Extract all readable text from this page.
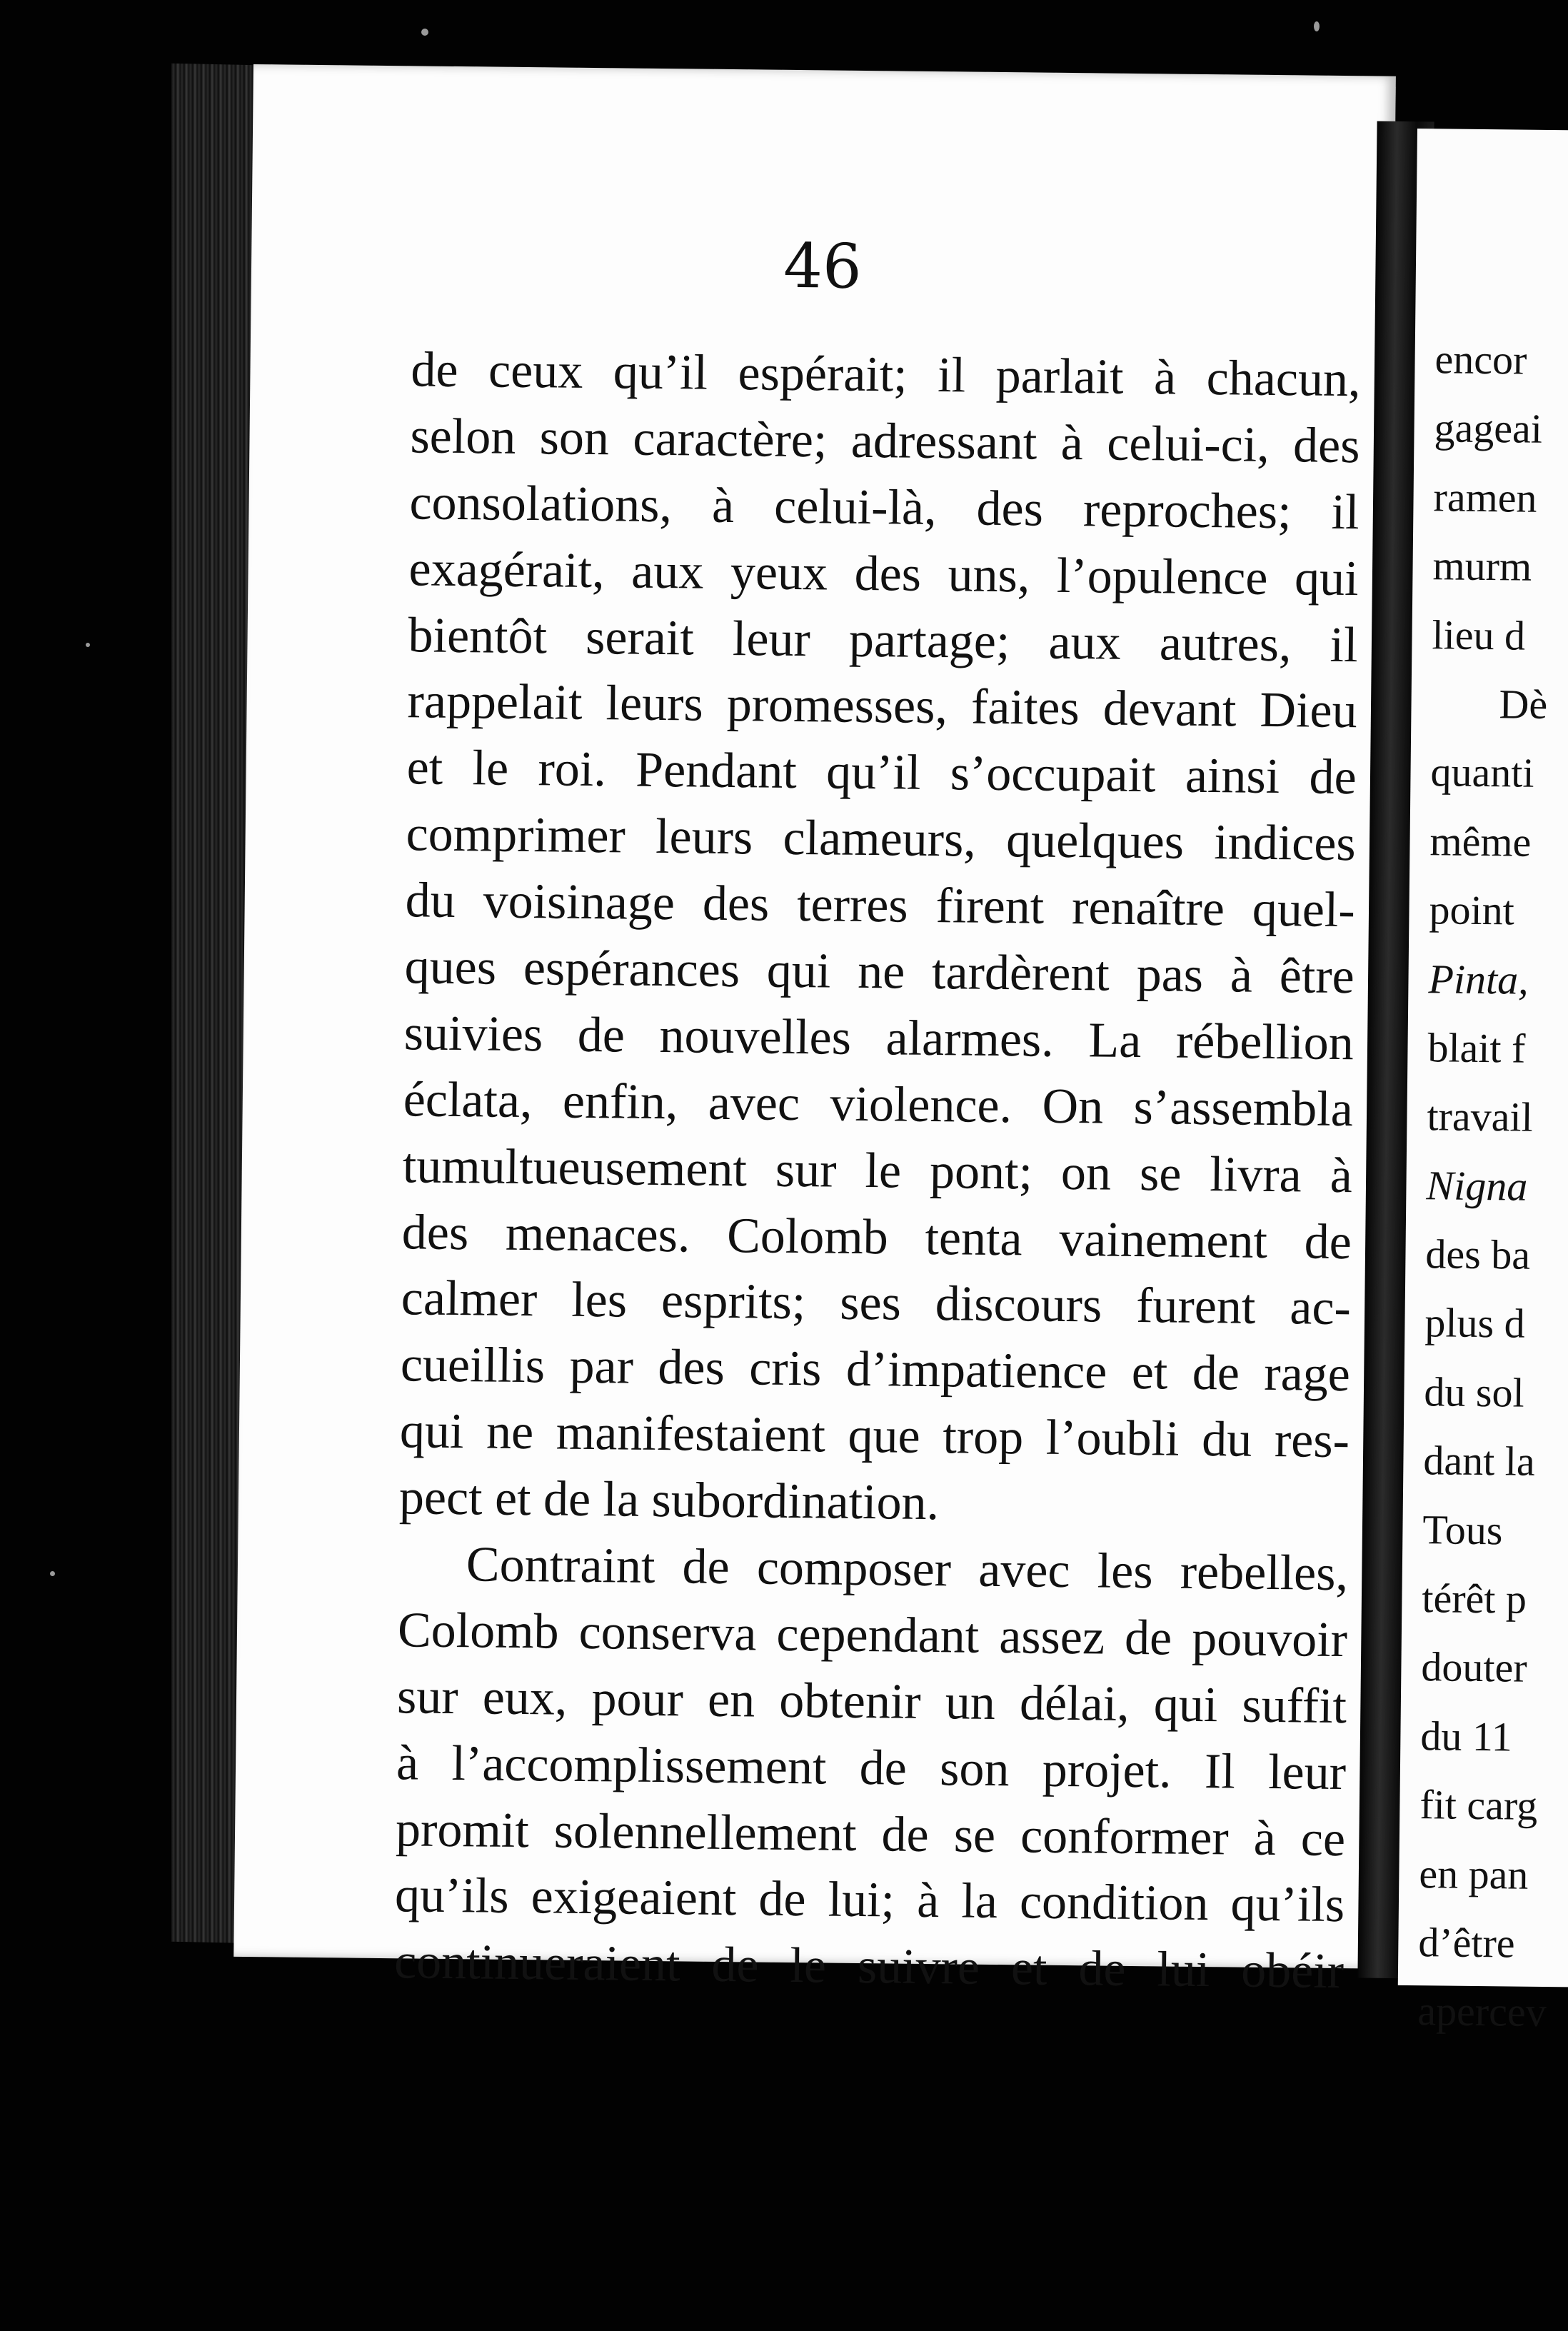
46
de ceux qu’il espérait; il parlait à chacun,
selon son caractère; adressant à celui-ci, des
consolations, à celui-là, des reproches; il
exagérait, aux yeux des uns, l’opulence qui
bientôt serait leur partage; aux autres, il
rappelait leurs promesses, faites devant Dieu
et le roi. Pendant qu’il s’occupait ainsi de
comprimer leurs clameurs, quelques indices
du voisinage des terres firent renaître quel-
ques espérances qui ne tardèrent pas à être
suivies de nouvelles alarmes. La rébellion
éclata, enfin, avec violence. On s’assembla
tumultueusement sur le pont; on se livra à
des menaces. Colomb tenta vainement de
calmer les esprits; ses discours furent ac-
cueillis par des cris d’impatience et de rage
qui ne manifestaient que trop l’oubli du res-
pect et de la subordination.
Contraint de composer avec les rebelles,
Colomb conserva cependant assez de pouvoir
sur eux, pour en obtenir un délai, qui suffit
à l’accomplissement de son projet. Il leur
promit solennellement de se conformer à ce
qu’ils exigeaient de lui; à la condition qu’ils
continueraient de le suivre et de lui obéir
encor
gageai
ramen
murm
lieu d
Dè
quanti
même
point
Pinta,
blait f
travail
Nigna
des ba
plus d
du sol
dant la
Tous
térêt p
douter
du 11
fit carg
en pan
d’être
apercev
